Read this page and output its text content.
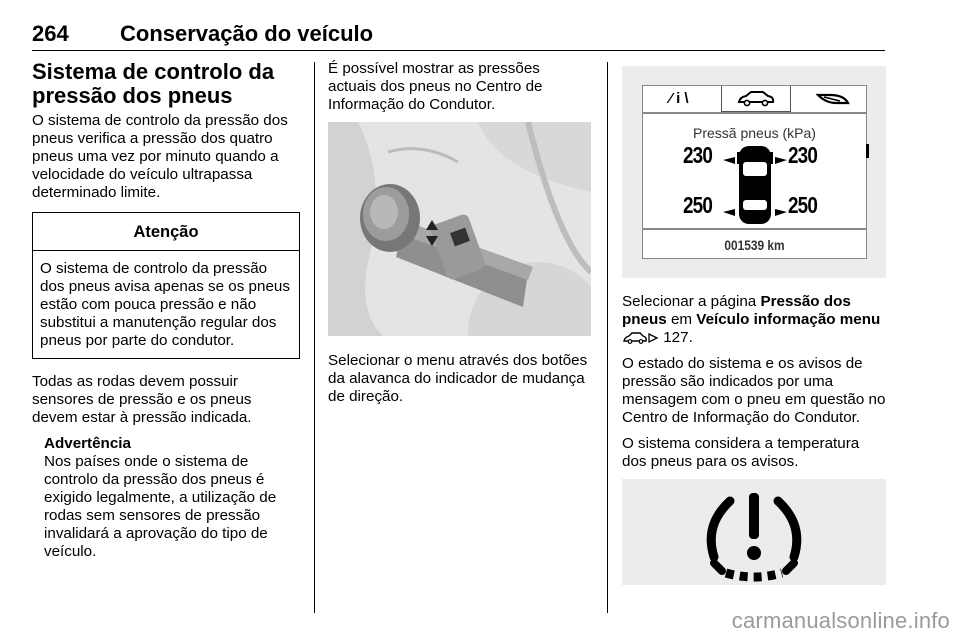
264 Conservação do veículo
Sistema de controlo da pressão dos pneus

O sistema de controlo da pressão dos pneus verifica a pressão dos quatro pneus uma vez por minuto quando a velocidade do veículo ultrapassa determinado limite.

Atenção
O sistema de controlo da pressão dos pneus avisa apenas se os pneus estão com pouca pressão e não substitui a manutenção regular dos pneus por parte do condutor.

Todas as rodas devem possuir sensores de pressão e os pneus devem estar à pressão indicada.

Advertência
Nos países onde o sistema de controlo da pressão dos pneus é exigido legalmente, a utilização de rodas sem sensores de pressão invalidará a aprovação do tipo de veículo.

É possível mostrar as pressões actuais dos pneus no Centro de Informação do Condutor.

Selecionar o menu através dos botões da alavanca do indicador de mudança de direção.

⁄ i \
Pressã pneus (kPa)
230	230
250	250
001539 km

Selecionar a página Pressão dos pneus em Veículo informação menu  127.

O estado do sistema e os avisos de pressão são indicados por uma mensagem com o pneu em questão no Centro de Informação do Condutor.

O sistema considera a temperatura dos pneus para os avisos.

carmanualsonline.info
